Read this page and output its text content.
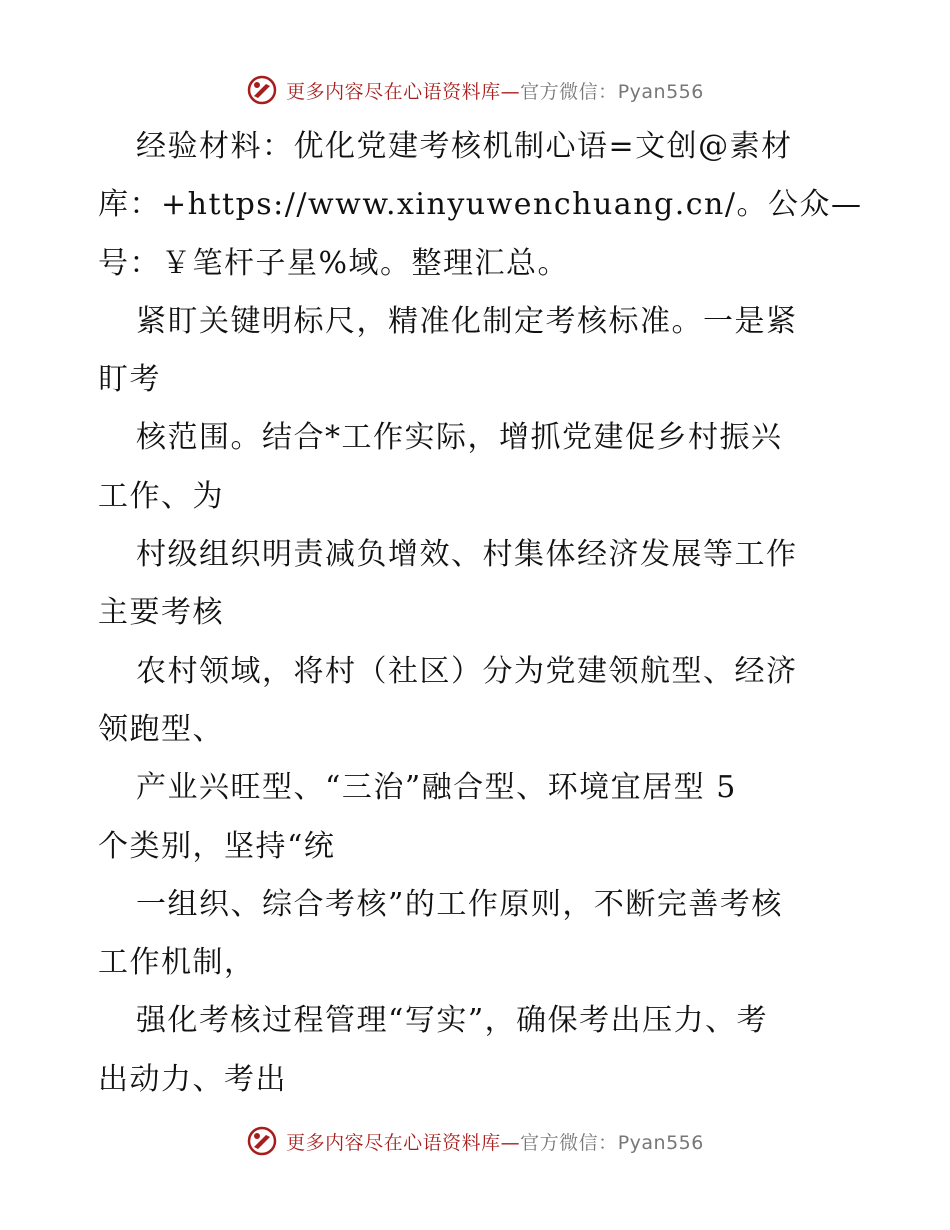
更多内容尽在心语资料库—官方微信：Pyan556
经验材料：优化党建考核机制心语=文创@素材
库：+https://www.xinyuwenchuang.cn/。公众—
号：￥笔杆子星%域。整理汇总。
紧盯关键明标尺，精准化制定考核标准。一是紧
盯考
核范围。结合*工作实际，增抓党建促乡村振兴
工作、为
村级组织明责减负增效、村集体经济发展等工作
主要考核
农村领域，将村（社区）分为党建领航型、经济
领跑型、
产业兴旺型、“三治”融合型、环境宜居型 5
个类别，坚持“统
一组织、综合考核”的工作原则，不断完善考核
工作机制，
强化考核过程管理“写实”，确保考出压力、考
出动力、考出
更多内容尽在心语资料库—官方微信：Pyan556
